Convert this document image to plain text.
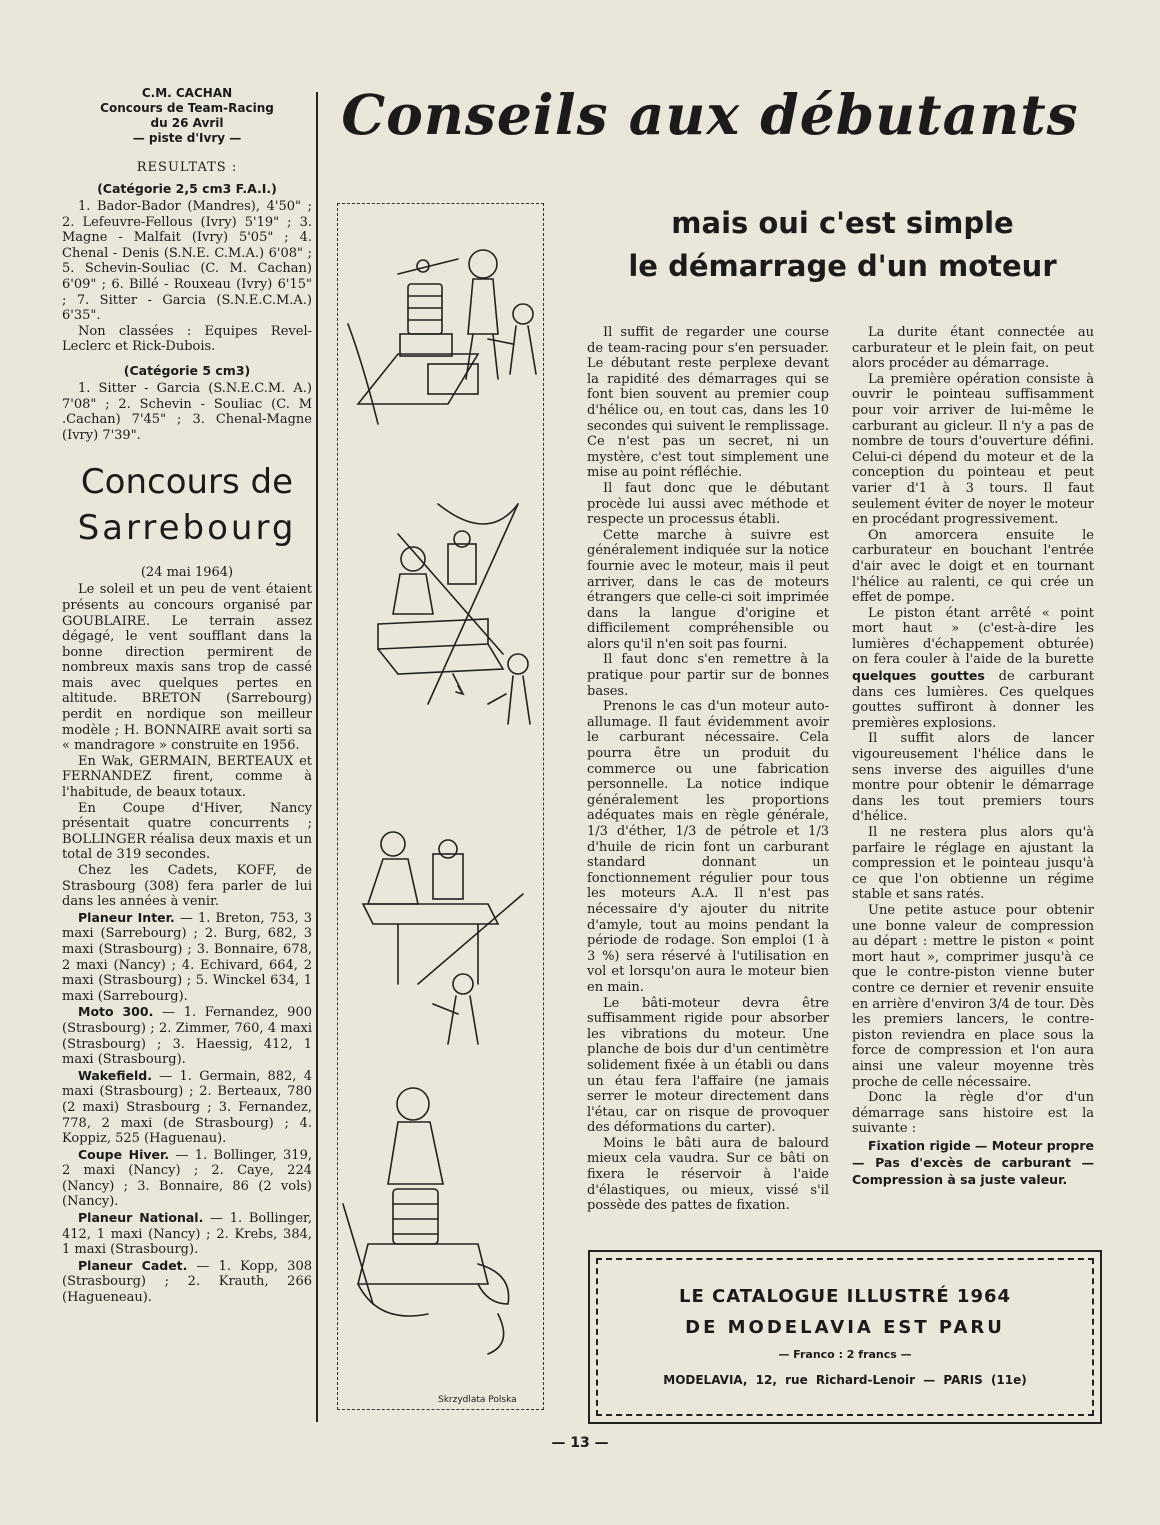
C.M. CACHAN
Concours de Team-Racing
du 26 Avril
— piste d'Ivry —
RESULTATS :
(Catégorie 2,5 cm3 F.A.I.)

1. Bador-Bador (Mandres), 4'50" ; 2. Lefeuvre-Fellous (Ivry) 5'19" ; 3. Magne - Malfait (Ivry) 5'05" ; 4. Chenal - Denis (S.N.E. C.M.A.) 6'08" ; 5. Schevin-Souliac (C. M. Cachan) 6'09" ; 6. Billé - Rouxeau (Ivry) 6'15" ; 7. Sitter - Garcia (S.N.E.C.M.A.) 6'35".

Non classées : Equipes Revel-Leclerc et Rick-Dubois.

(Catégorie 5 cm3)

1. Sitter - Garcia (S.N.E.C.M. A.) 7'08" ; 2. Schevin - Souliac (C. M .Cachan) 7'45" ; 3. Chenal-Magne (Ivry) 7'39".

Concours de
Sarrebourg
(24 mai 1964)

Le soleil et un peu de vent étaient présents au concours organisé par GOUBLAIRE. Le terrain assez dégagé, le vent soufflant dans la bonne direction permirent de nombreux maxis sans trop de cassé mais avec quelques pertes en altitude. BRETON (Sarrebourg) perdit en nordique son meilleur modèle ; H. BONNAIRE avait sorti sa « mandragore » construite en 1956.

En Wak, GERMAIN, BERTEAUX et FERNANDEZ firent, comme à l'habitude, de beaux totaux.

En Coupe d'Hiver, Nancy présentait quatre concurrents ; BOLLINGER réalisa deux maxis et un total de 319 secondes.

Chez les Cadets, KOFF, de Strasbourg (308) fera parler de lui dans les années à venir.

Planeur Inter. — 1. Breton, 753, 3 maxi (Sarrebourg) ; 2. Burg, 682, 3 maxi (Strasbourg) ; 3. Bonnaire, 678, 2 maxi (Nancy) ; 4. Echivard, 664, 2 maxi (Strasbourg) ; 5. Winckel 634, 1 maxi (Sarrebourg).

Moto 300. — 1. Fernandez, 900 (Strasbourg) ; 2. Zimmer, 760, 4 maxi (Strasbourg) ; 3. Haessig, 412, 1 maxi (Strasbourg).

Wakefield. — 1. Germain, 882, 4 maxi (Strasbourg) ; 2. Berteaux, 780 (2 maxi) Strasbourg ; 3. Fernandez, 778, 2 maxi (de Strasbourg) ; 4. Koppiz, 525 (Haguenau).

Coupe Hiver. — 1. Bollinger, 319, 2 maxi (Nancy) ; 2. Caye, 224 (Nancy) ; 3. Bonnaire, 86 (2 vols) (Nancy).

Planeur National. — 1. Bollinger, 412, 1 maxi (Nancy) ; 2. Krebs, 384, 1 maxi (Strasbourg).

Planeur Cadet. — 1. Kopp, 308 (Strasbourg) ; 2. Krauth, 266 (Hagueneau).

Conseils aux débutants
mais oui c'est simple
le démarrage d'un moteur
Skrzydlata Polska

Il suffit de regarder une course de team-racing pour s'en persuader. Le débutant reste perplexe devant la rapidité des démarrages qui se font bien souvent au premier coup d'hélice ou, en tout cas, dans les 10 secondes qui suivent le remplissage. Ce n'est pas un secret, ni un mystère, c'est tout simplement une mise au point réfléchie.

Il faut donc que le débutant procède lui aussi avec méthode et respecte un processus établi.

Cette marche à suivre est généralement indiquée sur la notice fournie avec le moteur, mais il peut arriver, dans le cas de moteurs étrangers que celle-ci soit imprimée dans la langue d'origine et difficilement compréhensible ou alors qu'il n'en soit pas fourni.

Il faut donc s'en remettre à la pratique pour partir sur de bonnes bases.

Prenons le cas d'un moteur auto-allumage. Il faut évidemment avoir le carburant nécessaire. Cela pourra être un produit du commerce ou une fabrication personnelle. La notice indique généralement les proportions adéquates mais en règle générale, 1/3 d'éther, 1/3 de pétrole et 1/3 d'huile de ricin font un carburant standard donnant un fonctionnement régulier pour tous les moteurs A.A. Il n'est pas nécessaire d'y ajouter du nitrite d'amyle, tout au moins pendant la période de rodage. Son emploi (1 à 3 %) sera réservé à l'utilisation en vol et lorsqu'on aura le moteur bien en main.

Le bâti-moteur devra être suffisamment rigide pour absorber les vibrations du moteur. Une planche de bois dur d'un centimètre solidement fixée à un établi ou dans un étau fera l'affaire (ne jamais serrer le moteur directement dans l'étau, car on risque de provoquer des déformations du carter).

Moins le bâti aura de balourd mieux cela vaudra. Sur ce bâti on fixera le réservoir à l'aide d'élastiques, ou mieux, vissé s'il possède des pattes de fixation.

La durite étant connectée au carburateur et le plein fait, on peut alors procéder au démarrage.

La première opération consiste à ouvrir le pointeau suffisamment pour voir arriver de lui-même le carburant au gicleur. Il n'y a pas de nombre de tours d'ouverture défini. Celui-ci dépend du moteur et de la conception du pointeau et peut varier d'1 à 3 tours. Il faut seulement éviter de noyer le moteur en procédant progressivement.

On amorcera ensuite le carburateur en bouchant l'entrée d'air avec le doigt et en tournant l'hélice au ralenti, ce qui crée un effet de pompe.

Le piston étant arrêté « point mort haut » (c'est-à-dire les lumières d'échappement obturée) on fera couler à l'aide de la burette quelques gouttes de carburant dans ces lumières. Ces quelques gouttes suffiront à donner les premières explosions.

Il suffit alors de lancer vigoureusement l'hélice dans le sens inverse des aiguilles d'une montre pour obtenir le démarrage dans les tout premiers tours d'hélice.

Il ne restera plus alors qu'à parfaire le réglage en ajustant la compression et le pointeau jusqu'à ce que l'on obtienne un régime stable et sans ratés.

Une petite astuce pour obtenir une bonne valeur de compression au départ : mettre le piston « point mort haut », comprimer jusqu'à ce que le contre-piston vienne buter contre ce dernier et revenir ensuite en arrière d'environ 3/4 de tour. Dès les premiers lancers, le contre-piston reviendra en place sous la force de compression et l'on aura ainsi une valeur moyenne très proche de celle nécessaire.

Donc la règle d'or d'un démarrage sans histoire est la suivante :

Fixation rigide — Moteur propre — Pas d'excès de carburant — Compression à sa juste valeur.

LE CATALOGUE ILLUSTRÉ 1964
DE MODELAVIA EST PARU
— Franco : 2 francs —
MODELAVIA, 12, rue Richard-Lenoir — PARIS (11e)
— 13 —
